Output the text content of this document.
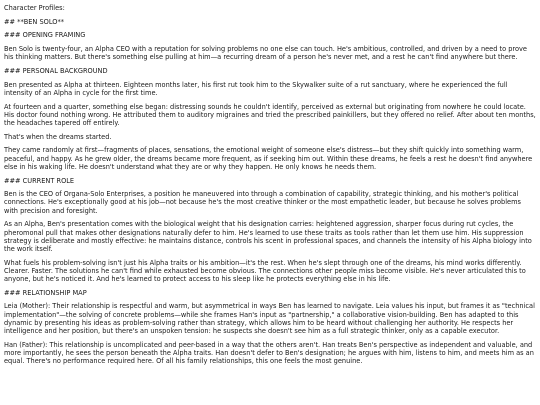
Character Profiles:
## **BEN SOLO**
### OPENING FRAMING
Ben Solo is twenty-four, an Alpha CEO with a reputation for solving problems no one else can touch. He's ambitious, controlled, and driven by a need to prove his thinking matters. But there's something else pulling at him—a recurring dream of a person he's never met, and a rest he can't find anywhere but there.
### PERSONAL BACKGROUND
Ben presented as Alpha at thirteen. Eighteen months later, his first rut took him to the Skywalker suite of a rut sanctuary, where he experienced the full intensity of an Alpha in cycle for the first time.
At fourteen and a quarter, something else began: distressing sounds he couldn't identify, perceived as external but originating from nowhere he could locate. His doctor found nothing wrong. He attributed them to auditory migraines and tried the prescribed painkillers, but they offered no relief. After about ten months, the headaches tapered off entirely.
That's when the dreams started.
They came randomly at first—fragments of places, sensations, the emotional weight of someone else's distress—but they shift quickly into something warm, peaceful, and happy. As he grew older, the dreams became more frequent, as if seeking him out. Within these dreams, he feels a rest he doesn't find anywhere else in his waking life. He doesn't understand what they are or why they happen. He only knows he needs them.
### CURRENT ROLE
Ben is the CEO of Organa-Solo Enterprises, a position he maneuvered into through a combination of capability, strategic thinking, and his mother's political connections. He's exceptionally good at his job—not because he's the most creative thinker or the most empathetic leader, but because he solves problems with precision and foresight.
As an Alpha, Ben's presentation comes with the biological weight that his designation carries: heightened aggression, sharper focus during rut cycles, the pheromonal pull that makes other designations naturally defer to him. He's learned to use these traits as tools rather than let them use him. His suppression strategy is deliberate and mostly effective: he maintains distance, controls his scent in professional spaces, and channels the intensity of his Alpha biology into the work itself.
What fuels his problem-solving isn't just his Alpha traits or his ambition—it's the rest. When he's slept through one of the dreams, his mind works differently. Clearer. Faster. The solutions he can't find while exhausted become obvious. The connections other people miss become visible. He's never articulated this to anyone, but he's noticed it. And he's learned to protect access to his sleep like he protects everything else in his life.
### RELATIONSHIP MAP
Leia (Mother): Their relationship is respectful and warm, but asymmetrical in ways Ben has learned to navigate. Leia values his input, but frames it as "technical implementation"—the solving of concrete problems—while she frames Han's input as "partnership," a collaborative vision-building. Ben has adapted to this dynamic by presenting his ideas as problem-solving rather than strategy, which allows him to be heard without challenging her authority. He respects her intelligence and her position, but there's an unspoken tension: he suspects she doesn't see him as a full strategic thinker, only as a capable executor.
Han (Father): This relationship is uncomplicated and peer-based in a way that the others aren't. Han treats Ben's perspective as independent and valuable, and more importantly, he sees the person beneath the Alpha traits. Han doesn't defer to Ben's designation; he argues with him, listens to him, and meets him as an equal. There's no performance required here. Of all his family relationships, this one feels the most genuine.
